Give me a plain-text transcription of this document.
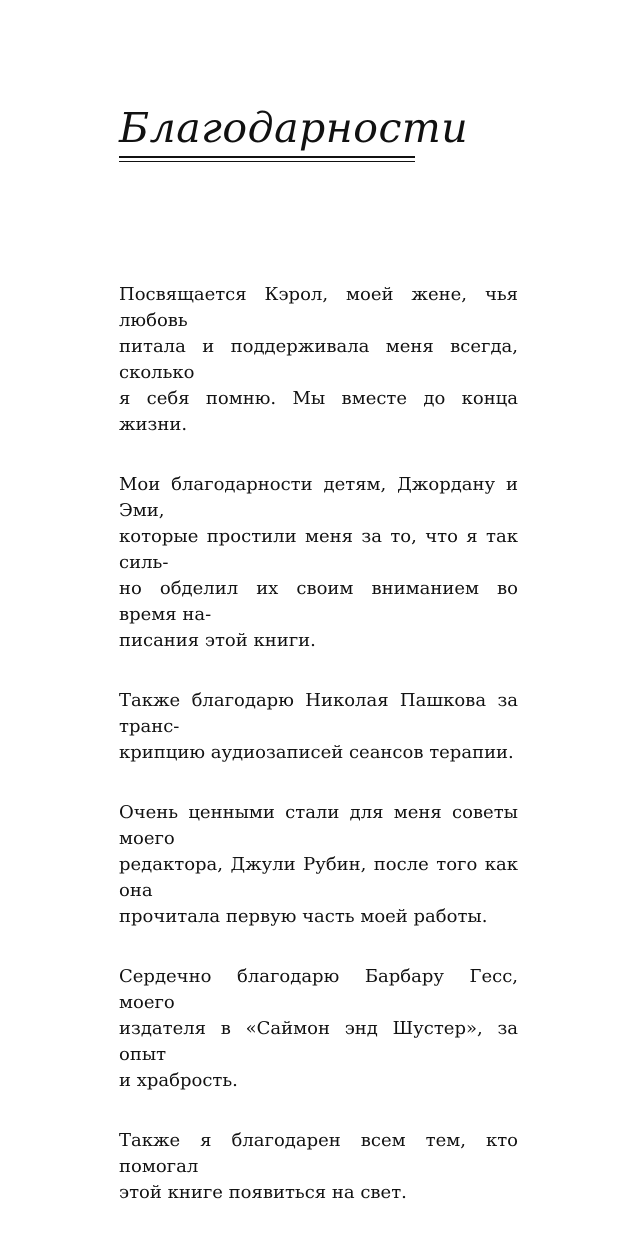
Благодарности

Посвящается Кэрол, моей жене, чья любовь
питала и поддерживала меня всегда, сколько
я себя помню. Мы вместе до конца жизни.

Мои благодарности детям, Джордану и Эми,
которые простили меня за то, что я так силь-
но обделил их своим вниманием во время на-
писания этой книги.

Также благодарю Николая Пашкова за транс-
крипцию аудиозаписей сеансов терапии.

Очень ценными стали для меня советы моего
редактора, Джули Рубин, после того как она
прочитала первую часть моей работы.

Сердечно благодарю Барбару Гесс, моего
издателя в «Саймон энд Шустер», за опыт
и храбрость.

Также я благодарен всем тем, кто помогал
этой книге появиться на свет.
